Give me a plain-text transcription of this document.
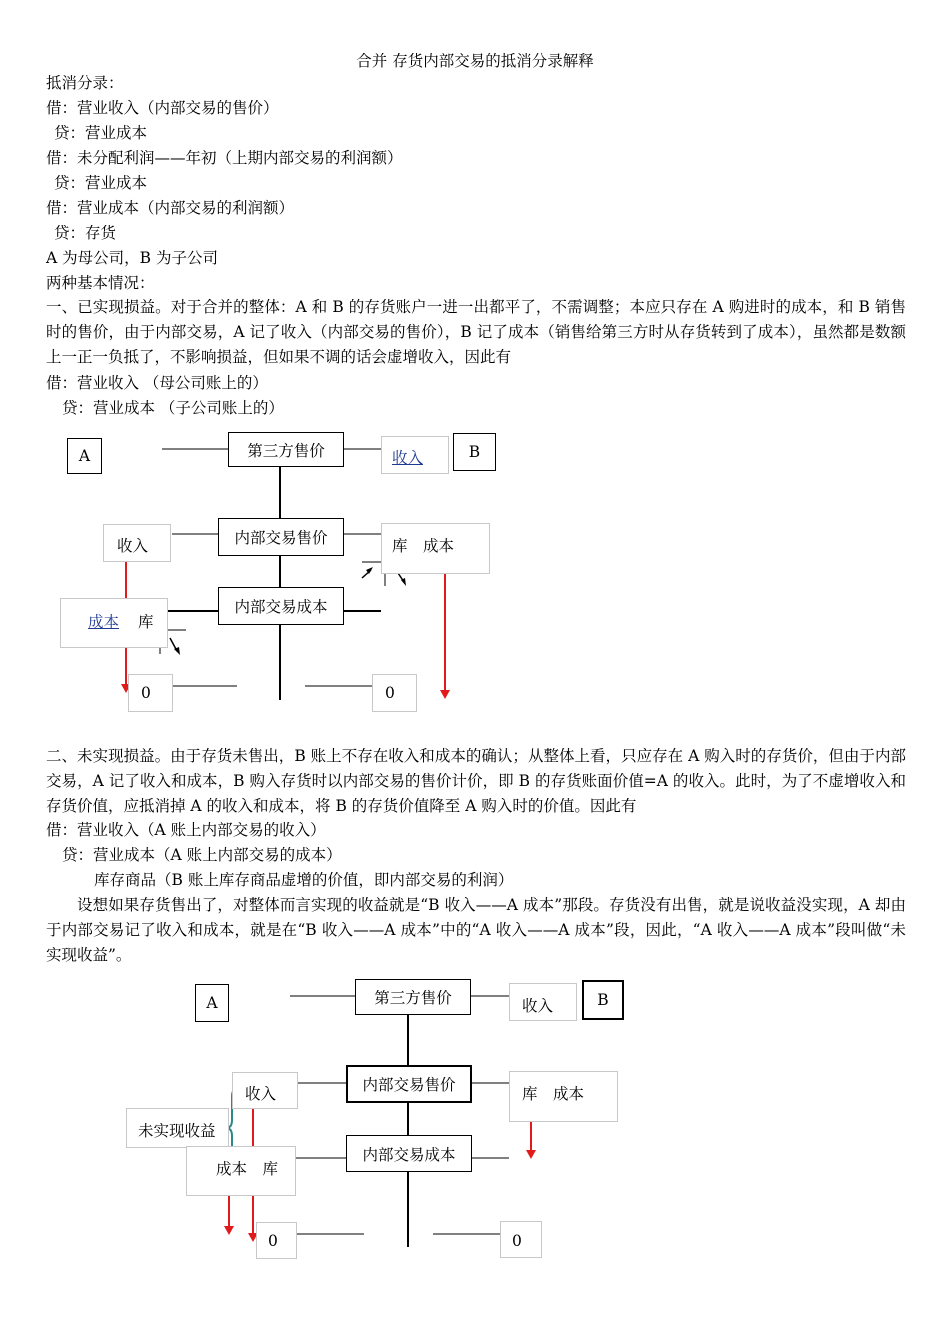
合并 存货内部交易的抵消分录解释
抵消分录：
借：营业收入（内部交易的售价）
贷：营业成本
借：未分配利润——年初（上期内部交易的利润额）
贷：营业成本
借：营业成本（内部交易的利润额）
贷：存货
A 为母公司，B 为子公司
两种基本情况：
一、已实现损益。对于合并的整体：A 和 B 的存货账户一进一出都平了，不需调整；本应只存在 A 购进时的成本，和 B 销售时的售价，由于内部交易，A 记了收入（内部交易的售价），B 记了成本（销售给第三方时从存货转到了成本），虽然都是数额上一正一负抵了，不影响损益，但如果不调的话会虚增收入，因此有
借：营业收入 （母公司账上的）
贷：营业成本 （子公司账上的）
A	第三方售价	收入	B
收入	内部交易售价	库　成本
成本 库
内部交易成本
0	0
二、未实现损益。由于存货未售出，B 账上不存在收入和成本的确认；从整体上看，只应存在 A 购入时的存货价，但由于内部交易，A 记了收入和成本，B 购入存货时以内部交易的售价计价，即 B 的存货账面价值=A 的收入。此时，为了不虚增收入和存货价值，应抵消掉 A 的收入和成本，将 B 的存货价值降至 A 购入时的价值。因此有
借：营业收入（A 账上内部交易的收入）
贷：营业成本（A 账上内部交易的成本）
库存商品（B 账上库存商品虚增的价值，即内部交易的利润）
设想如果存货售出了，对整体而言实现的收益就是“B 收入——A 成本”那段。存货没有出售，就是说收益没实现，A 却由于内部交易记了收入和成本，就是在“B 收入——A 成本”中的“A 收入——A 成本”段，因此，“A 收入——A 成本”段叫做“未实现收益”。
A	第三方售价	收入	B
收入	内部交易售价	库　成本
未实现收益
成本　库
内部交易成本
0	0
